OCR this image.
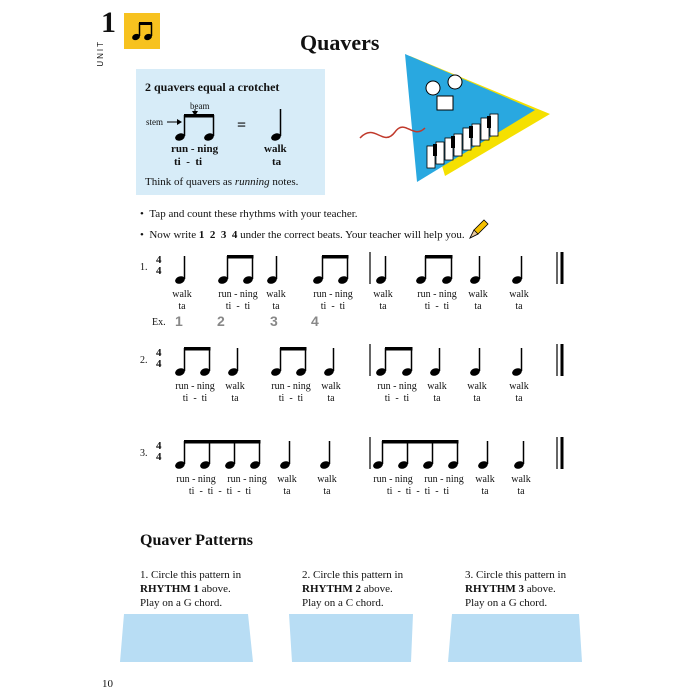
1
UNIT	Quavers
2 quavers equal a crotchet
beam
stem	=
run - ning
ti  -  ti
walk
ta
Think of quavers as running notes.
• Tap and count these rhythms with your teacher.
• Now write 1  2  3  4 under the correct beats. Your teacher will help you.
1.
4
4
2.
4
4
3.
4
4
walk	run - ning walk	run - ning	walk	run - ning	walk	walk
ta	ti  -  ti	ta	ti  -  ti	ta	ti  -  ti	ta	ta
run - ning	walk	run - ning	walk	run - ning	walk	walk	walk
ti  -  ti	ta	ti  -  ti	ta	ti  -  ti	ta	ta	ta
run - ning	run - ning	walk	walk	run - ning	run - ning	walk	walk
ti  -  ti  -  ti  -  ti	ta	ta	ti  -  ti  -  ti  -  ti	ta	ta
Ex. 1 2	3 4
Quaver Patterns
1. Circle this pattern in
RHYTHM 1 above.
Play on a G chord.
2. Circle this pattern in
RHYTHM 2 above.
Play on a C chord.
3. Circle this pattern in
RHYTHM 3 above.
Play on a G chord.
10
